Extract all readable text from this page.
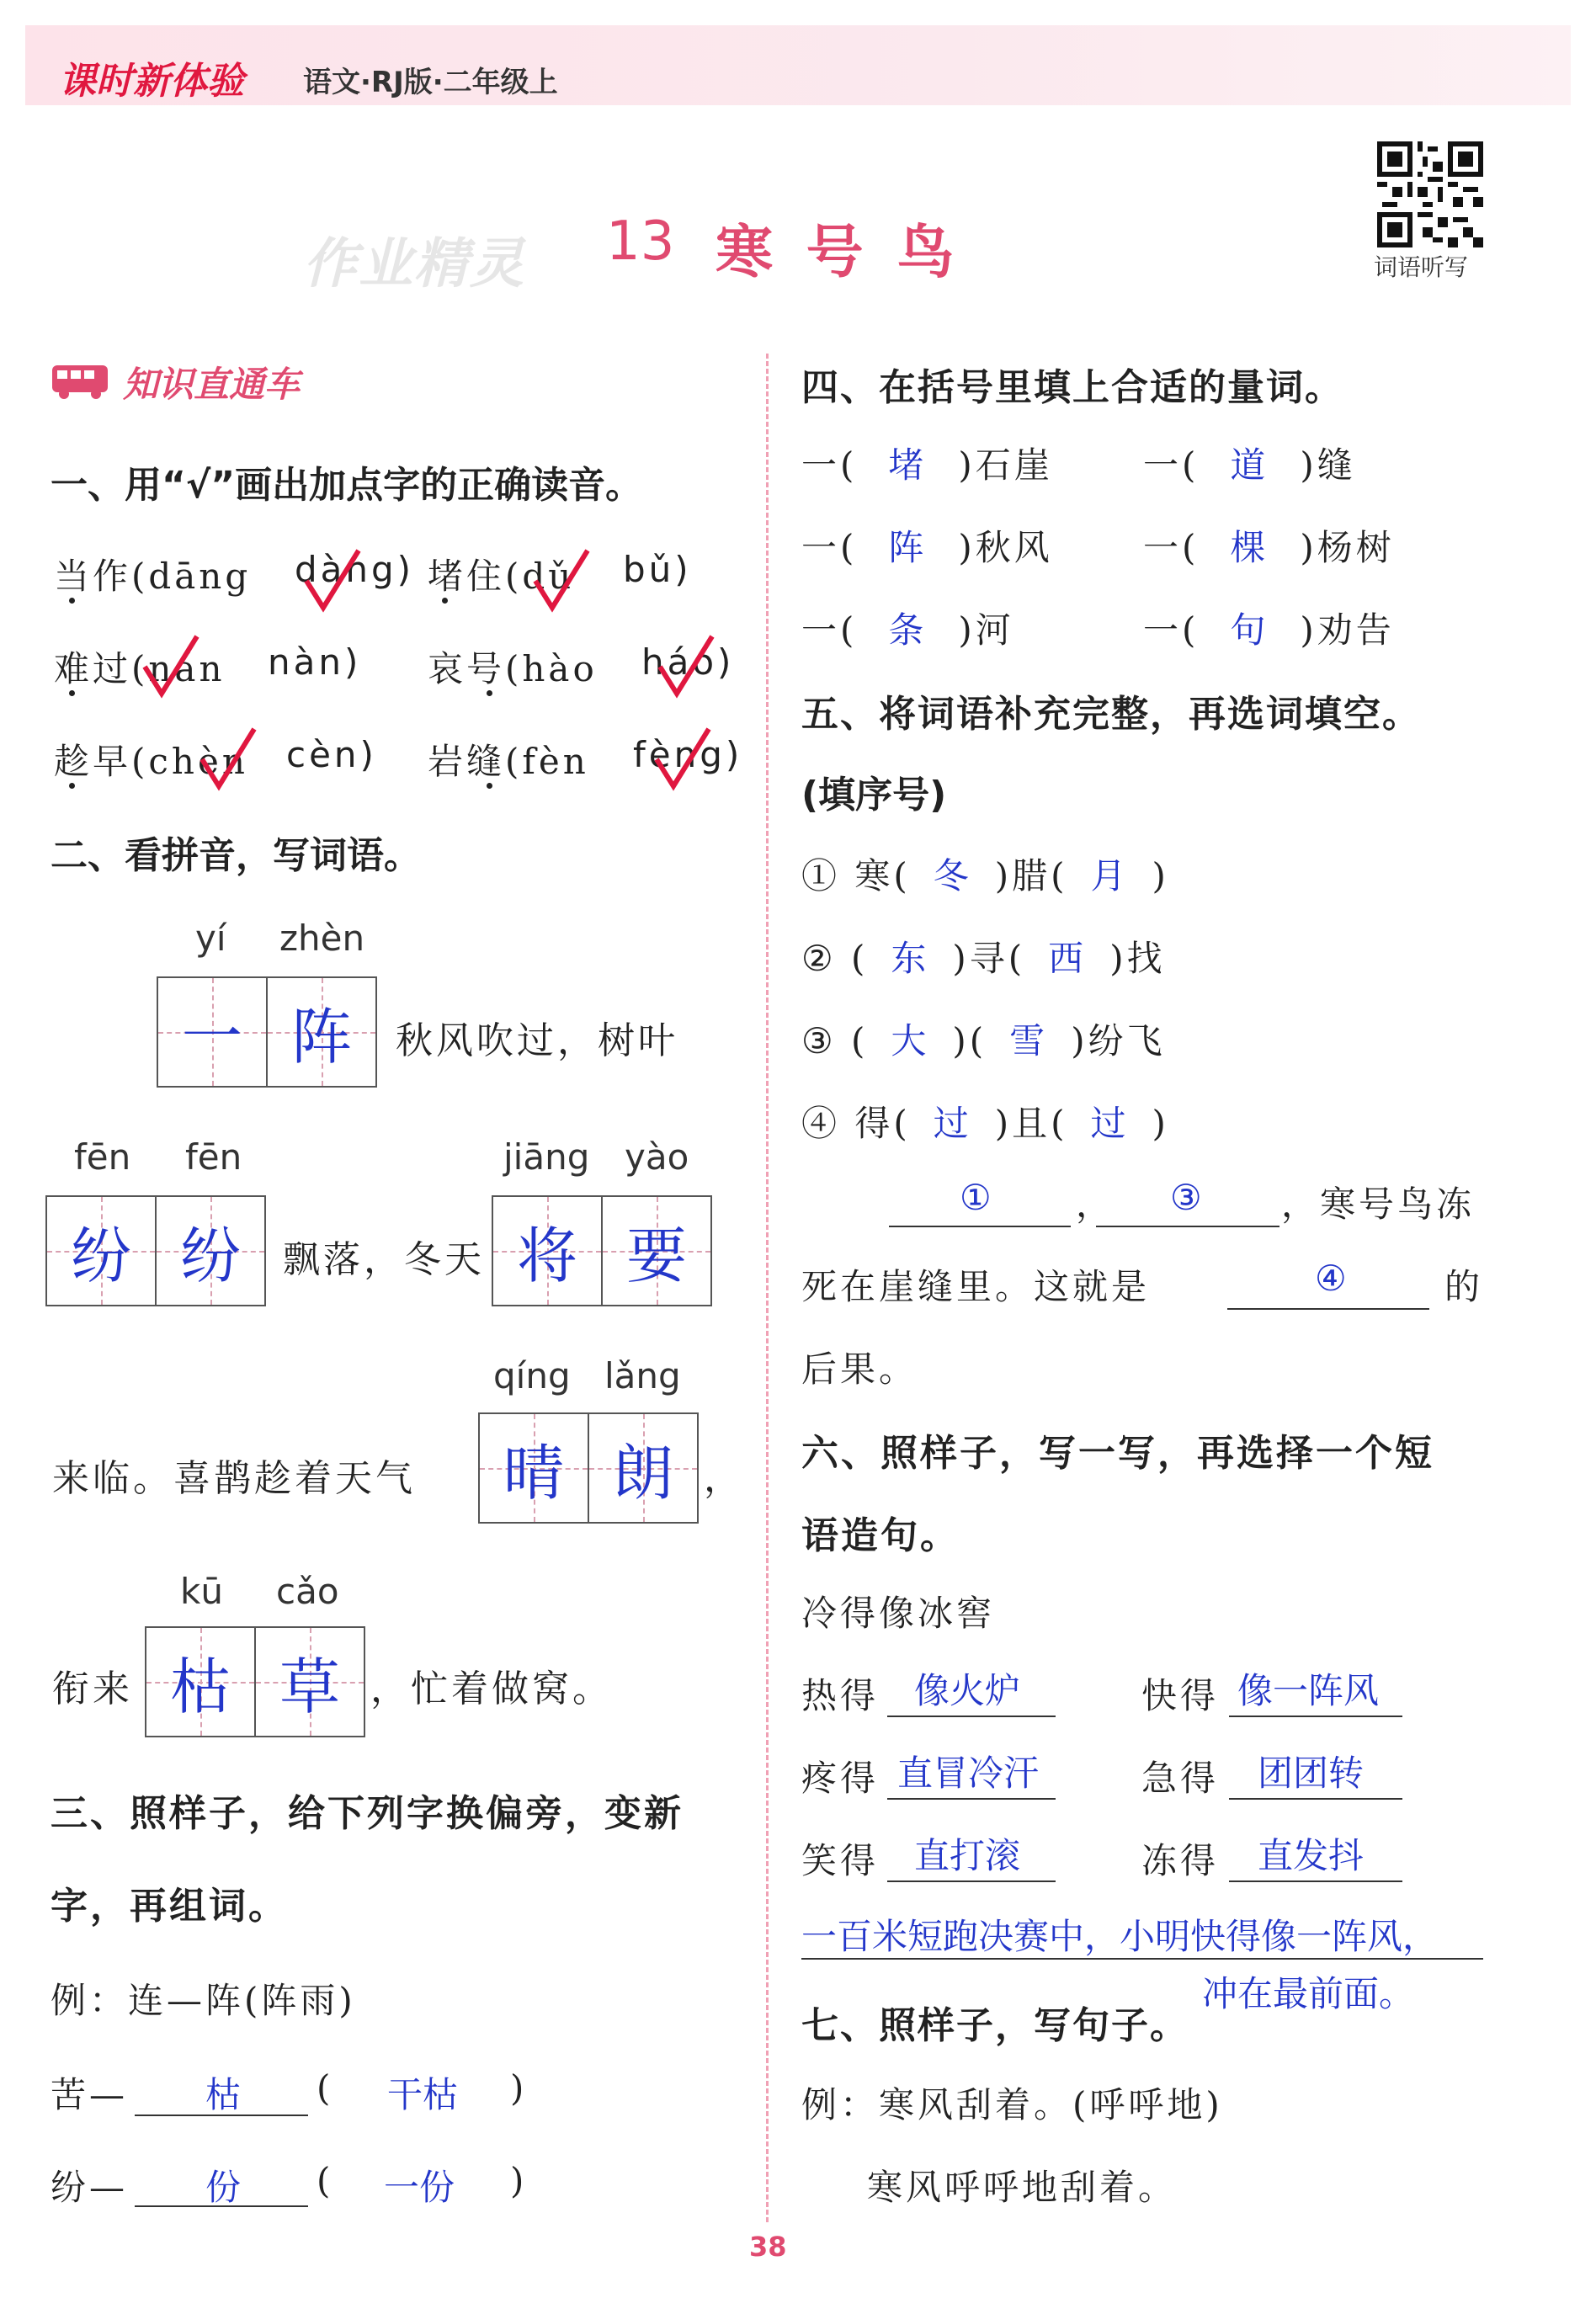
课时新体验 语文·RJ版·二年级上
作业精灵 13 寒 号 鸟	词语听写
知识直通车
一、用“√”画出加点字的正确读音。
当作(dāng dàng) 堵住(dǔ bǔ)
难过(nán nàn) 哀号(hào háo)
趁早(chèn cèn) 岩缝(fèn fèng)
二、看拼音，写词语。
yí zhèn
一 阵 秋风吹过，树叶
fēn fēn
纷 纷 飘落，冬天
jiāng yào
将 要
来临。喜鹊趁着天气
qíng lǎng
晴 朗 ，
衔来
kū cǎo
枯 草 ，忙着做窝。
三、照样子，给下列字换偏旁，变新
字，再组词。
例：连—阵(阵雨)
苦— 枯 ( 干枯 )
纷— 份 ( 一份 )
四、在括号里填上合适的量词。
一( 堵 )石崖	一( 道 )缝
一( 阵 )秋风	一( 棵 )杨树
一( 条 )河	一( 句 )劝告
五、将词语补充完整，再选词填空。
(填序号)
① 寒( 冬 )腊( 月 )
② ( 东 )寻( 西 )找
③ ( 大 )( 雪 )纷飞
④ 得( 过 )且( 过 )
① ， ③ ，寒号鸟冻
死在崖缝里。这就是	④	的
后果。
六、照样子，写一写，再选择一个短
语造句。
冷得像冰窖
热得 像火炉	快得 像一阵风
疼得 直冒冷汗	急得 团团转
笑得 直打滚	冻得 直发抖
一百米短跑决赛中，小明快得像一阵风，
冲在最前面。
七、照样子，写句子。
例：寒风刮着。(呼呼地)
寒风呼呼地刮着。
38
